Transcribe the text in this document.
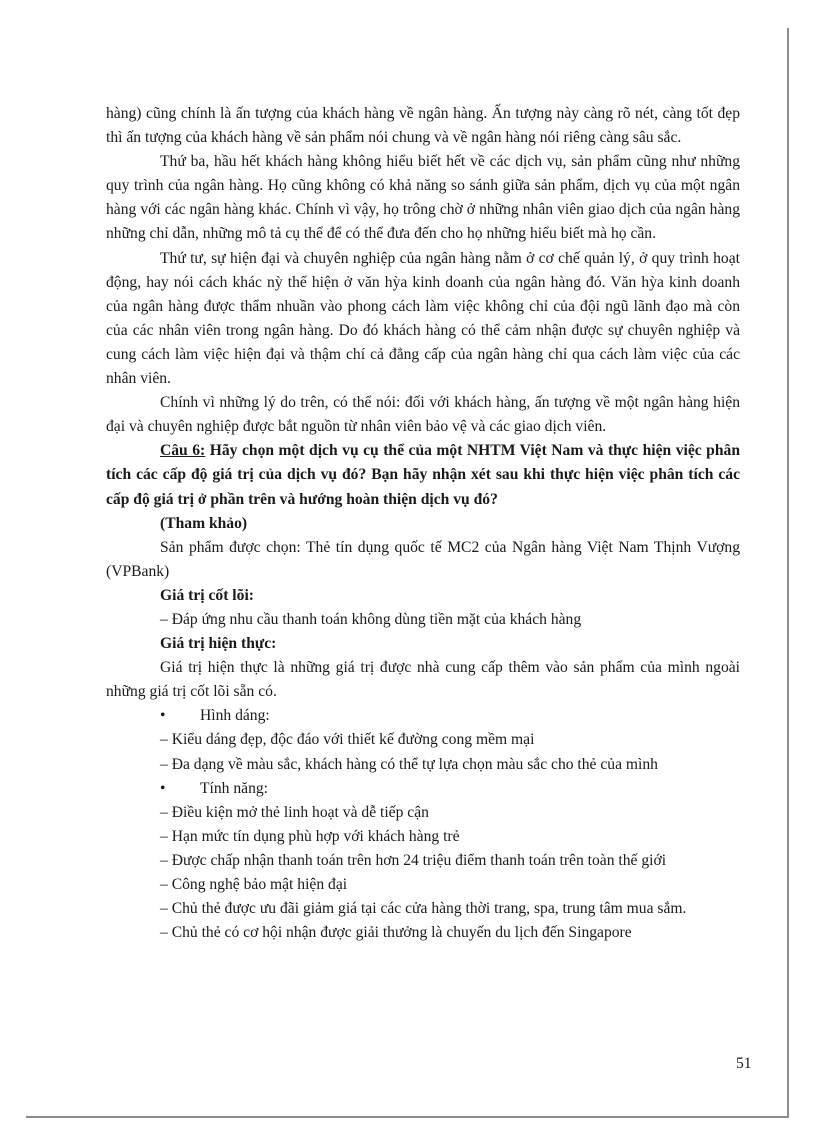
hàng) cũng chính là ấn tượng của khách hàng về ngân hàng. Ấn tượng này càng rõ nét, càng tốt đẹp thì ấn tượng của khách hàng về sản phẩm nói chung và về ngân hàng nói riêng càng sâu sắc.

Thứ ba, hầu hết khách hàng không hiểu biết hết về các dịch vụ, sản phẩm cũng như những quy trình của ngân hàng. Họ cũng không có khả năng so sánh giữa sản phẩm, dịch vụ của một ngân hàng với các ngân hàng khác. Chính vì vậy, họ trông chờ ở những nhân viên giao dịch của ngân hàng những chỉ dẫn, những mô tả cụ thể để có thể đưa đến cho họ những hiểu biết mà họ cần.

Thứ tư, sự hiện đại và chuyên nghiệp của ngân hàng nằm ở cơ chế quản lý, ở quy trình hoạt động, hay nói cách khác nỳ thể hiện ở văn hỳa kinh doanh của ngân hàng đó. Văn hỳa kinh doanh của ngân hàng được thẩm nhuần vào phong cách làm việc không chỉ của đội ngũ lãnh đạo mà còn của các nhân viên trong ngân hàng. Do đó khách hàng có thể cảm nhận được sự chuyên nghiệp và cung cách làm việc hiện đại và thậm chí cả đẳng cấp của ngân hàng chỉ qua cách làm việc của các nhân viên.

Chính vì những lý do trên, có thể nói: đối với khách hàng, ấn tượng về một ngân hàng hiện đại và chuyên nghiệp được bắt nguồn từ nhân viên bảo vệ và các giao dịch viên.

Câu 6: Hãy chọn một dịch vụ cụ thể của một NHTM Việt Nam và thực hiện việc phân tích các cấp độ giá trị của dịch vụ đó? Bạn hãy nhận xét sau khi thực hiện việc phân tích các cấp độ giá trị ở phần trên và hướng hoàn thiện dịch vụ đó?

(Tham khảo)

Sản phẩm được chọn: Thẻ tín dụng quốc tế MC2 của Ngân hàng Việt Nam Thịnh Vượng (VPBank)

Giá trị cốt lõi:

– Đáp ứng nhu cầu thanh toán không dùng tiền mặt của khách hàng

Giá trị hiện thực:

Giá trị hiện thực là những giá trị được nhà cung cấp thêm vào sản phẩm của mình ngoài những giá trị cốt lõi sẵn có.

•	Hình dáng:

– Kiểu dáng đẹp, độc đáo với thiết kế đường cong mềm mại

– Đa dạng về màu sắc, khách hàng có thể tự lựa chọn màu sắc cho thẻ của mình

•	Tính năng:

– Điều kiện mở thẻ linh hoạt và dễ tiếp cận

– Hạn mức tín dụng phù hợp với khách hàng trẻ

– Được chấp nhận thanh toán trên hơn 24 triệu điểm thanh toán trên toàn thế giới

– Công nghệ bảo mật hiện đại

– Chủ thẻ được ưu đãi giảm giá tại các cửa hàng thời trang, spa, trung tâm mua sắm.

– Chủ thẻ có cơ hội nhận được giải thưởng là chuyến du lịch đến Singapore

51
